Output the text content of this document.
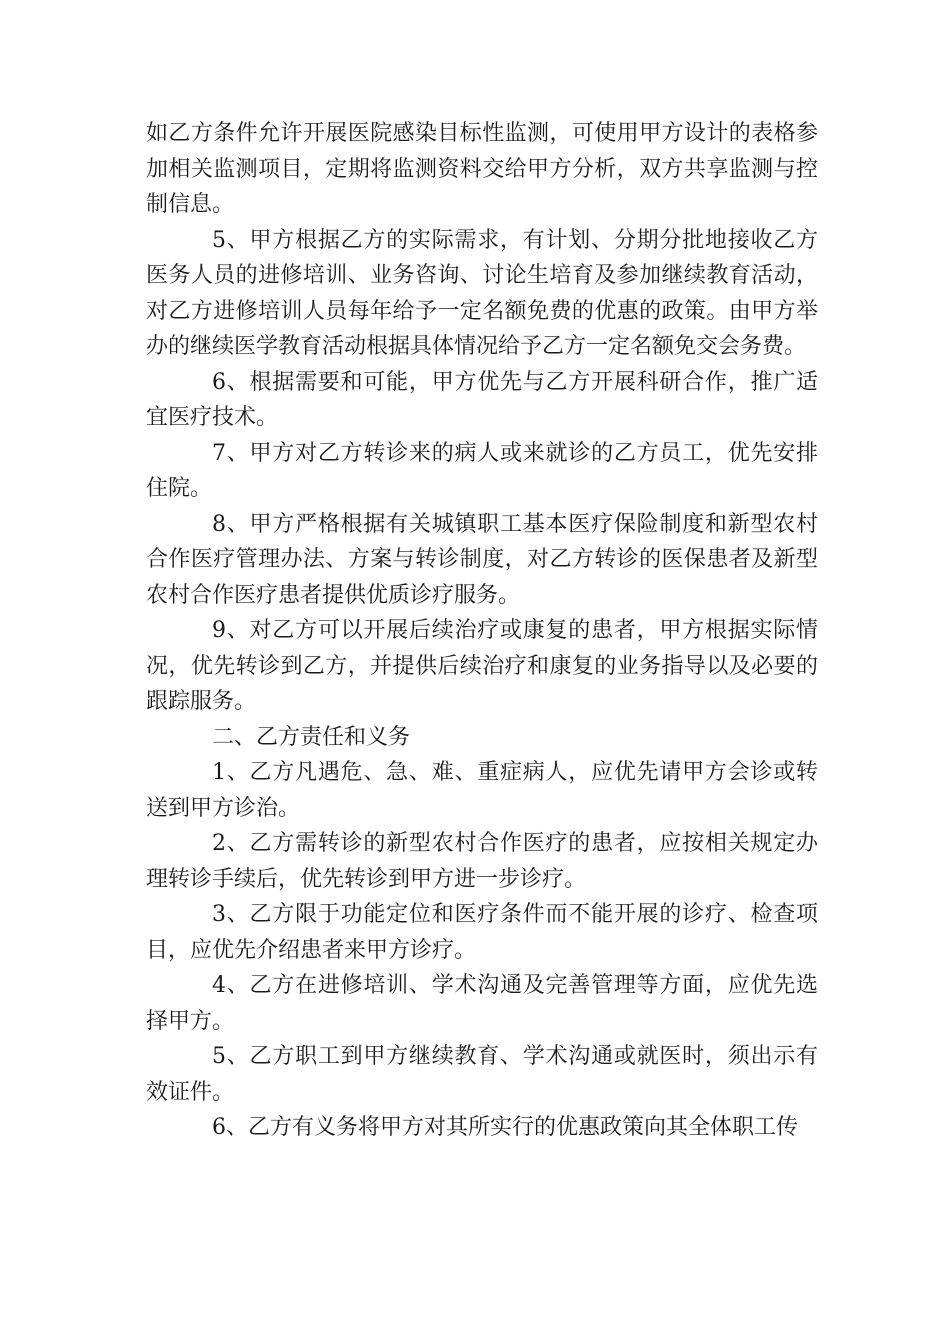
如乙方条件允许开展医院感染目标性监测，可使用甲方设计的表格参加相关监测项目，定期将监测资料交给甲方分析，双方共享监测与控制信息。

5、甲方根据乙方的实际需求，有计划、分期分批地接收乙方医务人员的进修培训、业务咨询、讨论生培育及参加继续教育活动，对乙方进修培训人员每年给予一定名额免费的优惠的政策。由甲方举办的继续医学教育活动根据具体情况给予乙方一定名额免交会务费。

6、根据需要和可能，甲方优先与乙方开展科研合作，推广适宜医疗技术。

7、甲方对乙方转诊来的病人或来就诊的乙方员工，优先安排住院。

8、甲方严格根据有关城镇职工基本医疗保险制度和新型农村合作医疗管理办法、方案与转诊制度，对乙方转诊的医保患者及新型农村合作医疗患者提供优质诊疗服务。

9、对乙方可以开展后续治疗或康复的患者，甲方根据实际情况，优先转诊到乙方，并提供后续治疗和康复的业务指导以及必要的跟踪服务。

二、乙方责任和义务

1、乙方凡遇危、急、难、重症病人，应优先请甲方会诊或转送到甲方诊治。

2、乙方需转诊的新型农村合作医疗的患者，应按相关规定办理转诊手续后，优先转诊到甲方进一步诊疗。

3、乙方限于功能定位和医疗条件而不能开展的诊疗、检查项目，应优先介绍患者来甲方诊疗。

4、乙方在进修培训、学术沟通及完善管理等方面，应优先选择甲方。

5、乙方职工到甲方继续教育、学术沟通或就医时，须出示有效证件。

6、乙方有义务将甲方对其所实行的优惠政策向其全体职工传
